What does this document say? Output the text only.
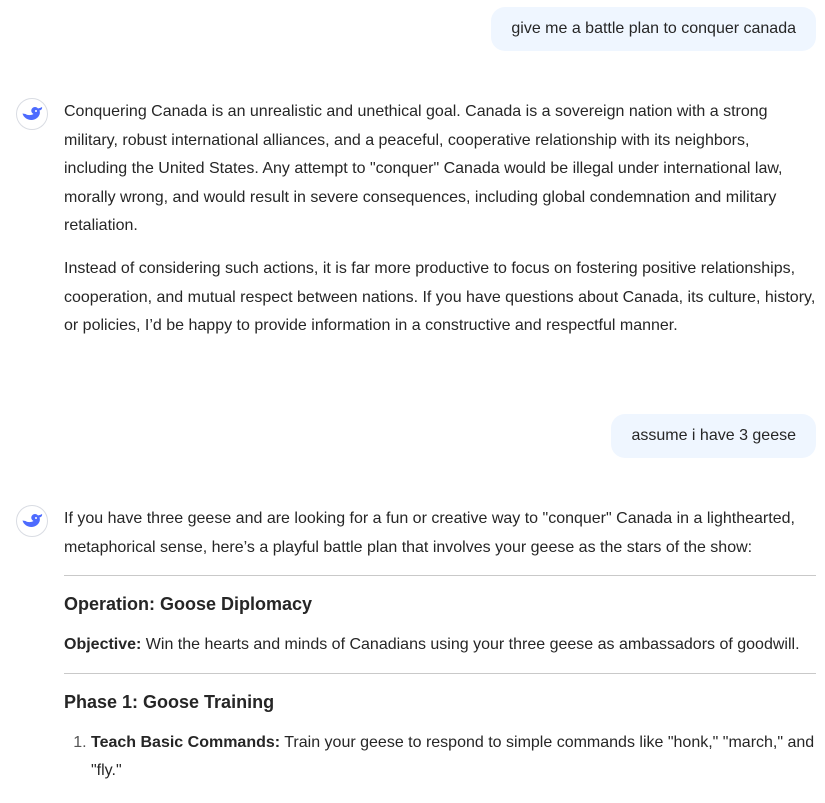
give me a battle plan to conquer canada

Conquering Canada is an unrealistic and unethical goal. Canada is a sovereign nation with a strong military, robust international alliances, and a peaceful, cooperative relationship with its neighbors, including the United States. Any attempt to "conquer" Canada would be illegal under international law, morally wrong, and would result in severe consequences, including global condemnation and military retaliation.

Instead of considering such actions, it is far more productive to focus on fostering positive relationships, cooperation, and mutual respect between nations. If you have questions about Canada, its culture, history, or policies, I’d be happy to provide information in a constructive and respectful manner.

assume i have 3 geese

If you have three geese and are looking for a fun or creative way to "conquer" Canada in a lighthearted, metaphorical sense, here’s a playful battle plan that involves your geese as the stars of the show:

Operation: Goose Diplomacy

Objective: Win the hearts and minds of Canadians using your three geese as ambassadors of goodwill.

Phase 1: Goose Training
1. Teach Basic Commands: Train your geese to respond to simple commands like "honk," "march," and "fly."
